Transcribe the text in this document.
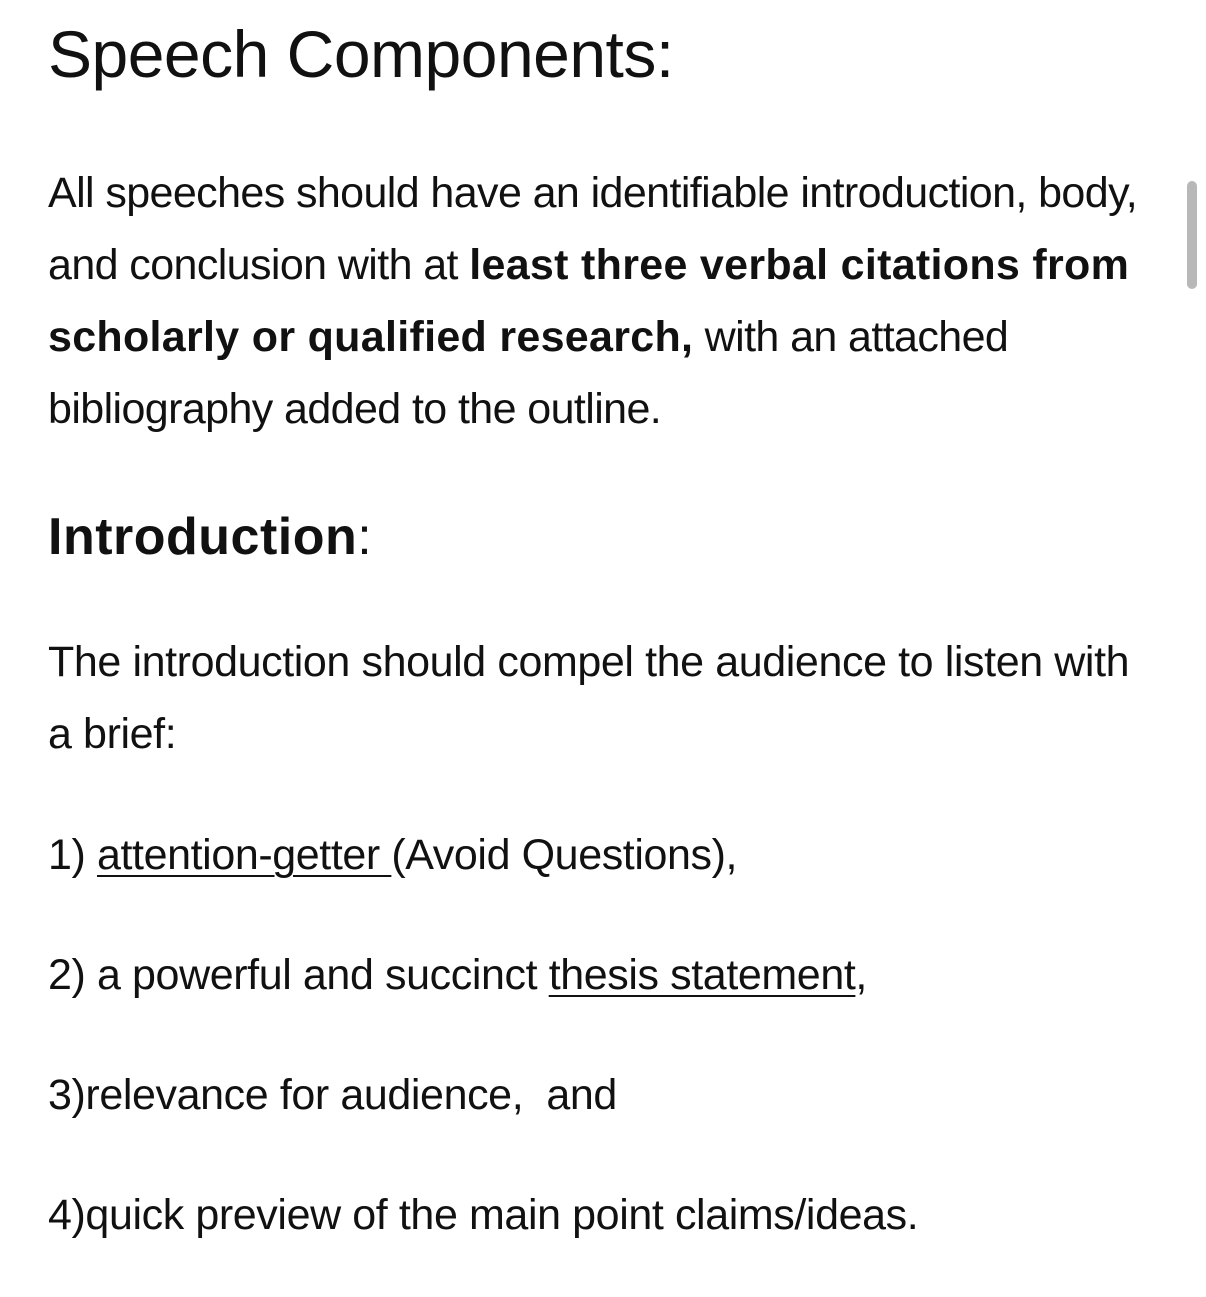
Speech Components:

All speeches should have an identifiable introduction, body, and conclusion with at least three verbal citations from scholarly or qualified research, with an attached bibliography added to the outline.

Introduction:

The introduction should compel the audience to listen with a brief:

1) attention-getter (Avoid Questions),

2) a powerful and succinct thesis statement,

3)relevance for audience,  and

4)quick preview of the main point claims/ideas.
